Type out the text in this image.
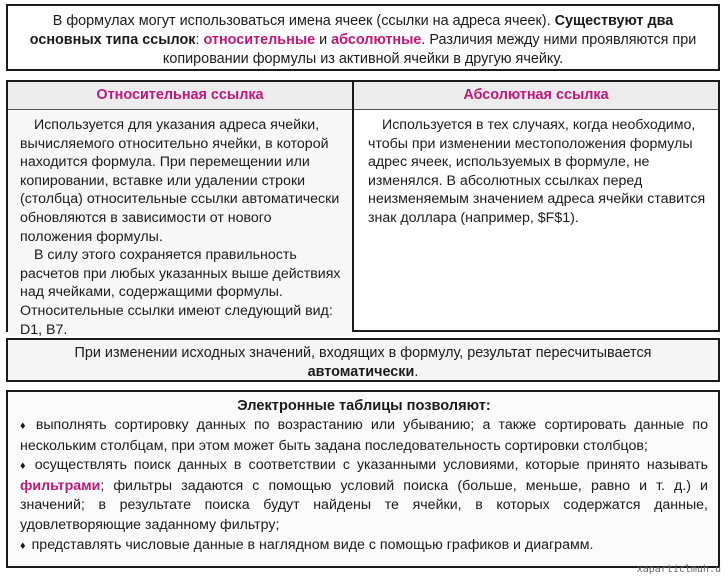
В формулах могут использоваться имена ячеек (ссылки на адреса ячеек). Существуют два основных типа ссылок: относительные и абсолютные. Различия между ними проявляются при копировании формулы из активной ячейки в другую ячейку.
Относительная ссылка

Используется для указания адреса ячейки, вычисляемого относительно ячейки, в которой находится формула. При перемещении или копировании, вставке или удалении строки (столбца) относительные ссылки автоматически обновляются в зависимости от нового положения формулы.

В силу этого сохраняется правильность расчетов при любых указанных выше действиях над ячейками, содержащими формулы. Относительные ссылки имеют следующий вид: D1, B7.

Абсолютная ссылка

Используется в тех случаях, когда необходимо, чтобы при изменении местоположения формулы адрес ячеек, используемых в формуле, не изменялся. В абсолютных ссылках перед неизменяемым значением адреса ячейки ставится знак доллара (например, $F$1).

При изменении исходных значений, входящих в формулу, результат пересчитывается автоматически.
Электронные таблицы позволяют:

♦ выполнять сортировку данных по возрастанию или убыванию; а также сортировать данные по нескольким столбцам, при этом может быть задана последовательность сортировки столбцов;

♦ осуществлять поиск данных в соответствии с указанными условиями, которые принято называть фильтрами; фильтры задаются с помощью условий поиска (больше, меньше, равно и т. д.) и значений; в результате поиска будут найдены те ячейки, в которых содержатся данные, удовлетворяющие заданному фильтру;

♦ представлять числовые данные в наглядном виде с помощью графиков и диаграмм.

xaparticlmuh.u
